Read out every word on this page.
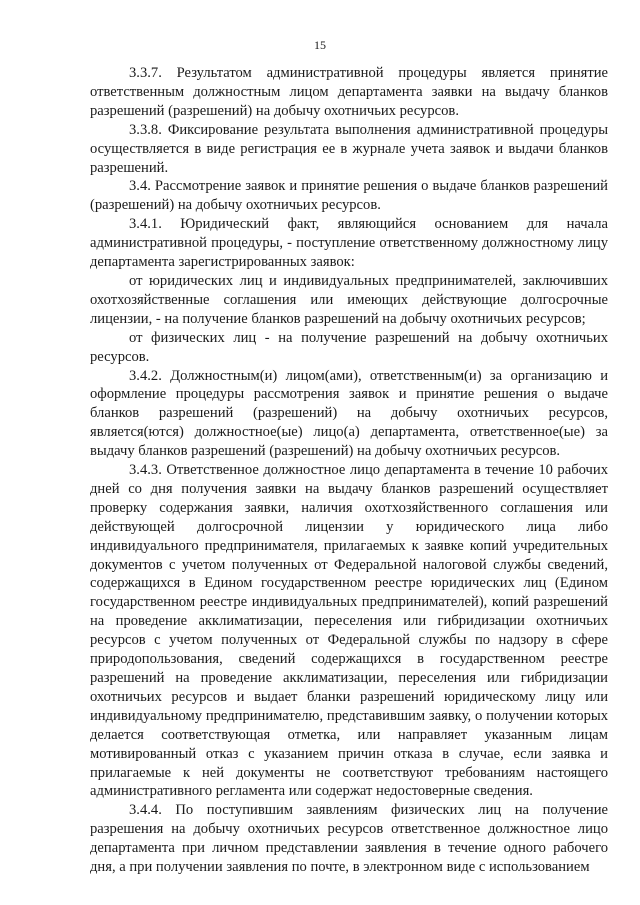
15

3.3.7. Результатом административной процедуры является принятие ответственным должностным лицом департамента заявки на выдачу бланков разрешений (разрешений) на добычу охотничьих ресурсов.

3.3.8. Фиксирование результата выполнения административной процедуры осуществляется в виде регистрация ее в журнале учета заявок и выдачи бланков разрешений.

3.4. Рассмотрение заявок и принятие решения о выдаче бланков разрешений (разрешений) на добычу охотничьих ресурсов.

3.4.1. Юридический факт, являющийся основанием для начала административной процедуры, - поступление ответственному должностному лицу департамента зарегистрированных заявок:

от юридических лиц и индивидуальных предпринимателей, заключивших охотхозяйственные соглашения или имеющих действующие долгосрочные лицензии, - на получение бланков разрешений на добычу охотничьих ресурсов;

от физических лиц - на получение разрешений на добычу охотничьих ресурсов.

3.4.2. Должностным(и) лицом(ами), ответственным(и) за организацию и оформление процедуры рассмотрения заявок и принятие решения о выдаче бланков разрешений (разрешений) на добычу охотничьих ресурсов, является(ются) должностное(ые) лицо(а) департамента, ответственное(ые) за выдачу бланков разрешений (разрешений) на добычу охотничьих ресурсов.

3.4.3. Ответственное должностное лицо департамента в течение 10 рабочих дней со дня получения заявки на выдачу бланков разрешений осуществляет проверку содержания заявки, наличия охотхозяйственного соглашения или действующей долгосрочной лицензии у юридического лица либо индивидуального предпринимателя, прилагаемых к заявке копий учредительных документов с учетом полученных от Федеральной налоговой службы сведений, содержащихся в Едином государственном реестре юридических лиц (Едином государственном реестре индивидуальных предпринимателей), копий разрешений на проведение акклиматизации, переселения или гибридизации охотничьих ресурсов с учетом полученных от Федеральной службы по надзору в сфере природопользования, сведений содержащихся в государственном реестре разрешений на проведение акклиматизации, переселения или гибридизации охотничьих ресурсов и выдает бланки разрешений юридическому лицу или индивидуальному предпринимателю, представившим заявку, о получении которых делается соответствующая отметка, или направляет указанным лицам мотивированный отказ с указанием причин отказа в случае, если заявка и прилагаемые к ней документы не соответствуют требованиям настоящего административного регламента или содержат недостоверные сведения.

3.4.4. По поступившим заявлениям физических лиц на получение разрешения на добычу охотничьих ресурсов ответственное должностное лицо департамента при личном представлении заявления в течение одного рабочего дня, а при получении заявления по почте, в электронном виде с использованием
